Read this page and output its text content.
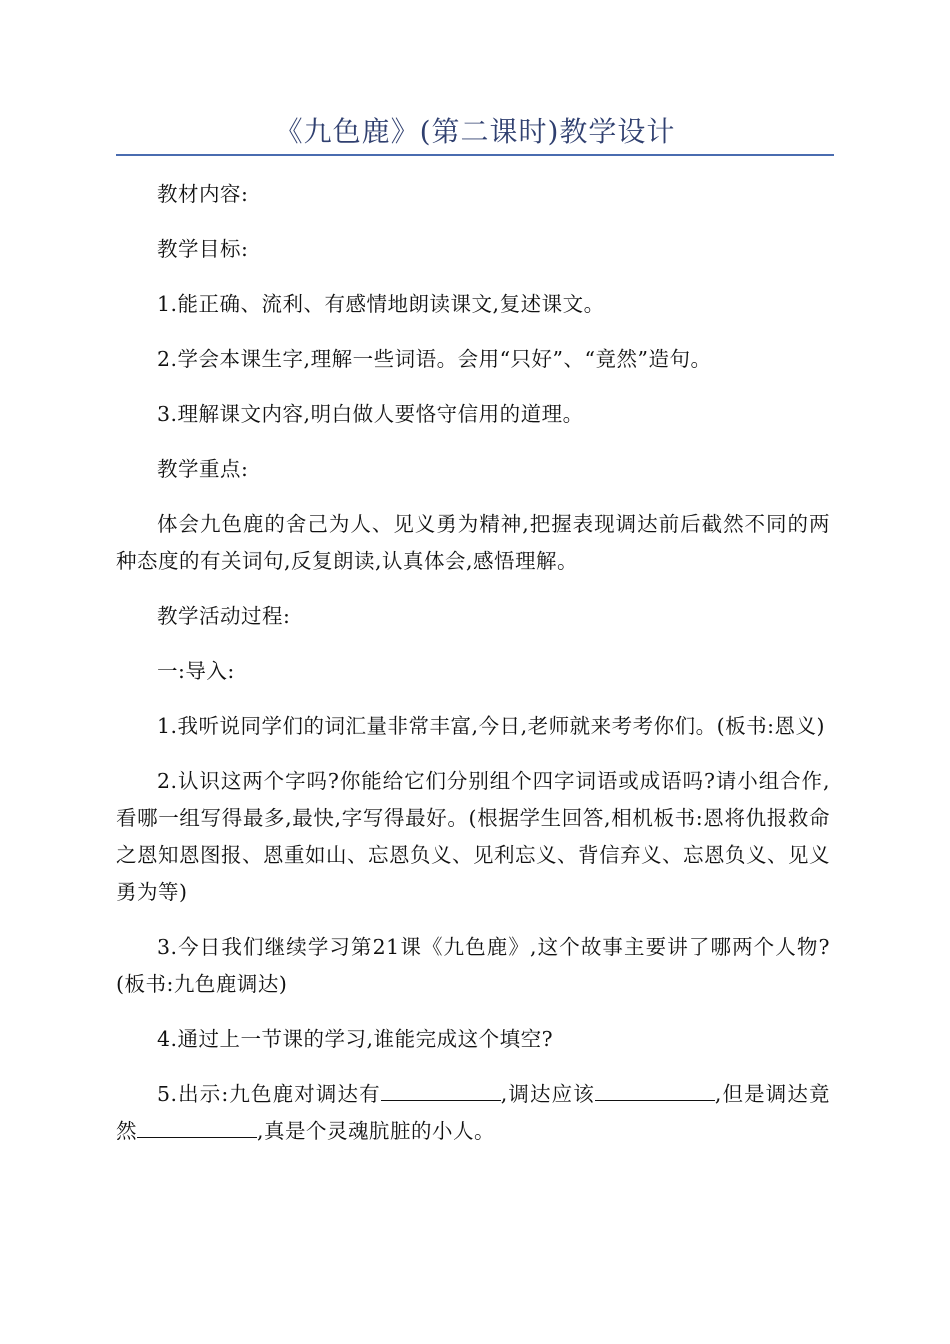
《九色鹿》(第二课时)教学设计

教材内容:

教学目标:

1.能正确、流利、有感情地朗读课文,复述课文。

2.学会本课生字,理解一些词语。会用“只好”、“竟然”造句。

3.理解课文内容,明白做人要恪守信用的道理。

教学重点:

体会九色鹿的舍己为人、见义勇为精神,把握表现调达前后截然不同的两种态度的有关词句,反复朗读,认真体会,感悟理解。

教学活动过程:

一:导入:

1.我听说同学们的词汇量非常丰富,今日,老师就来考考你们。(板书:恩义)

2.认识这两个字吗?你能给它们分别组个四字词语或成语吗?请小组合作,看哪一组写得最多,最快,字写得最好。(根据学生回答,相机板书:恩将仇报救命之恩知恩图报、恩重如山、忘恩负义、见利忘义、背信弃义、忘恩负义、见义勇为等)

3.今日我们继续学习第21课《九色鹿》,这个故事主要讲了哪两个人物?(板书:九色鹿调达)

4.通过上一节课的学习,谁能完成这个填空?

5.出示:九色鹿对调达有	,调达应该	,但是调达竟然	,真是个灵魂肮脏的小人。
